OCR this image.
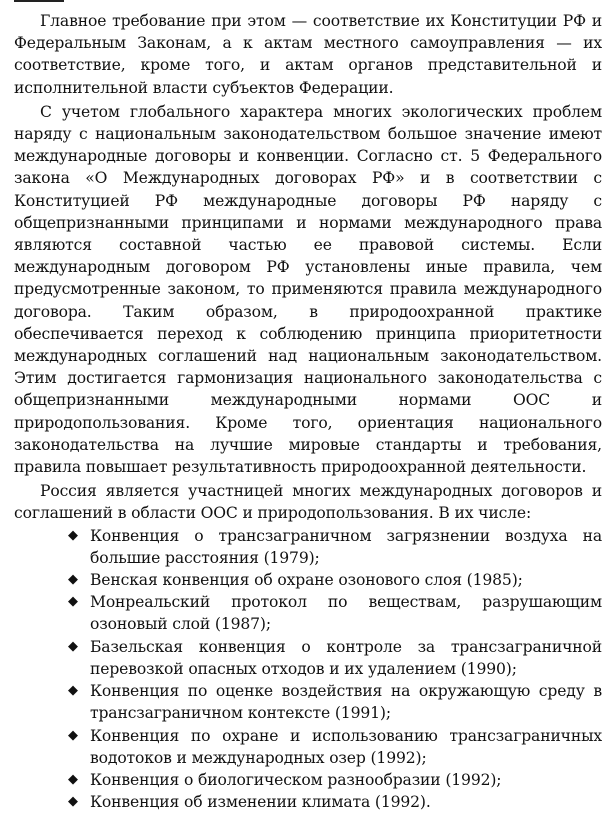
Главное требование при этом — соответствие их Конституции РФ и Федеральным Законам, а к актам местного самоуправления — их соответствие, кроме того, и актам органов представительной и исполнительной власти субъектов Федерации.

С учетом глобального характера многих экологических проблем наряду с национальным законодательством большое значение имеют международные договоры и конвенции. Согласно ст. 5 Федерального закона «О Международных договорах РФ» и в соответствии с Конституцией РФ международные договоры РФ наряду с общепризнанными принципами и нормами международного права являются составной частью ее правовой системы. Если международным договором РФ установлены иные правила, чем предусмотренные законом, то применяются правила международного договора. Таким образом, в природоохранной практике обеспечивается переход к соблюдению принципа приоритетности международных соглашений над национальным законодательством. Этим достигается гармонизация национального законодательства с общепризнанными международными нормами ООС и природопользования. Кроме того, ориентация национального законодательства на лучшие мировые стандарты и требования, правила повышает результативность природоохранной деятельности.

Россия является участницей многих международных договоров и соглашений в области ООС и природопользования. В их числе:

◆ Конвенция о трансзаграничном загрязнении воздуха на большие расстояния (1979);
◆ Венская конвенция об охране озонового слоя (1985);
◆ Монреальский протокол по веществам, разрушающим озоновый слой (1987);
◆ Базельская конвенция о контроле за трансзаграничной перевозкой опасных отходов и их удалением (1990);
◆ Конвенция по оценке воздействия на окружающую среду в трансзаграничном контексте (1991);
◆ Конвенция по охране и использованию трансзаграничных водотоков и международных озер (1992);
◆ Конвенция о биологическом разнообразии (1992);
◆ Конвенция об изменении климата (1992).
